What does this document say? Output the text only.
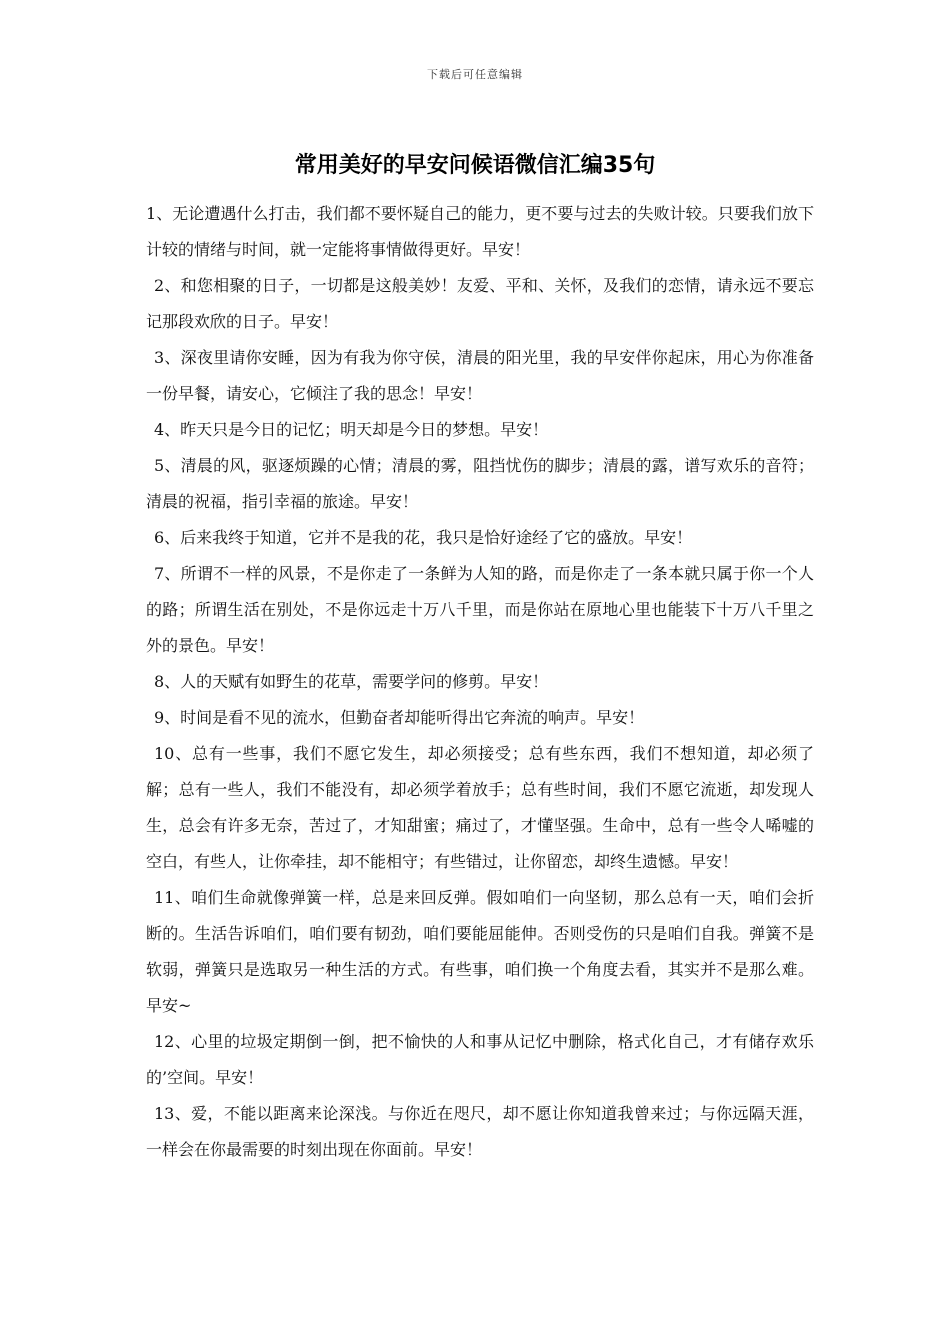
下载后可任意编辑
常用美好的早安问候语微信汇编35句

1、无论遭遇什么打击，我们都不要怀疑自己的能力，更不要与过去的失败计较。只要我们放下计较的情绪与时间，就一定能将事情做得更好。早安！

2、和您相聚的日子，一切都是这般美妙！友爱、平和、关怀，及我们的恋情，请永远不要忘记那段欢欣的日子。早安！

3、深夜里请你安睡，因为有我为你守侯，清晨的阳光里，我的早安伴你起床，用心为你准备一份早餐，请安心，它倾注了我的思念！早安！

4、昨天只是今日的记忆；明天却是今日的梦想。早安！

5、清晨的风，驱逐烦躁的心情；清晨的雾，阻挡忧伤的脚步；清晨的露，谱写欢乐的音符；清晨的祝福，指引幸福的旅途。早安！

6、后来我终于知道，它并不是我的花，我只是恰好途经了它的盛放。早安！

7、所谓不一样的风景，不是你走了一条鲜为人知的路，而是你走了一条本就只属于你一个人的路；所谓生活在别处，不是你远走十万八千里，而是你站在原地心里也能装下十万八千里之外的景色。早安！

8、人的天赋有如野生的花草，需要学问的修剪。早安！

9、时间是看不见的流水，但勤奋者却能听得出它奔流的响声。早安！

10、总有一些事，我们不愿它发生，却必须接受；总有些东西，我们不想知道，却必须了解；总有一些人，我们不能没有，却必须学着放手；总有些时间，我们不愿它流逝，却发现人生，总会有许多无奈，苦过了，才知甜蜜；痛过了，才懂坚强。生命中，总有一些令人唏嘘的空白，有些人，让你牵挂，却不能相守；有些错过，让你留恋，却终生遗憾。早安！

11、咱们生命就像弹簧一样，总是来回反弹。假如咱们一向坚韧，那么总有一天，咱们会折断的。生活告诉咱们，咱们要有韧劲，咱们要能屈能伸。否则受伤的只是咱们自我。弹簧不是软弱，弹簧只是选取另一种生活的方式。有些事，咱们换一个角度去看，其实并不是那么难。早安~

12、心里的垃圾定期倒一倒，把不愉快的人和事从记忆中删除，格式化自己，才有储存欢乐的’空间。早安！

13、爱，不能以距离来论深浅。与你近在咫尺，却不愿让你知道我曾来过；与你远隔天涯，一样会在你最需要的时刻出现在你面前。早安！
